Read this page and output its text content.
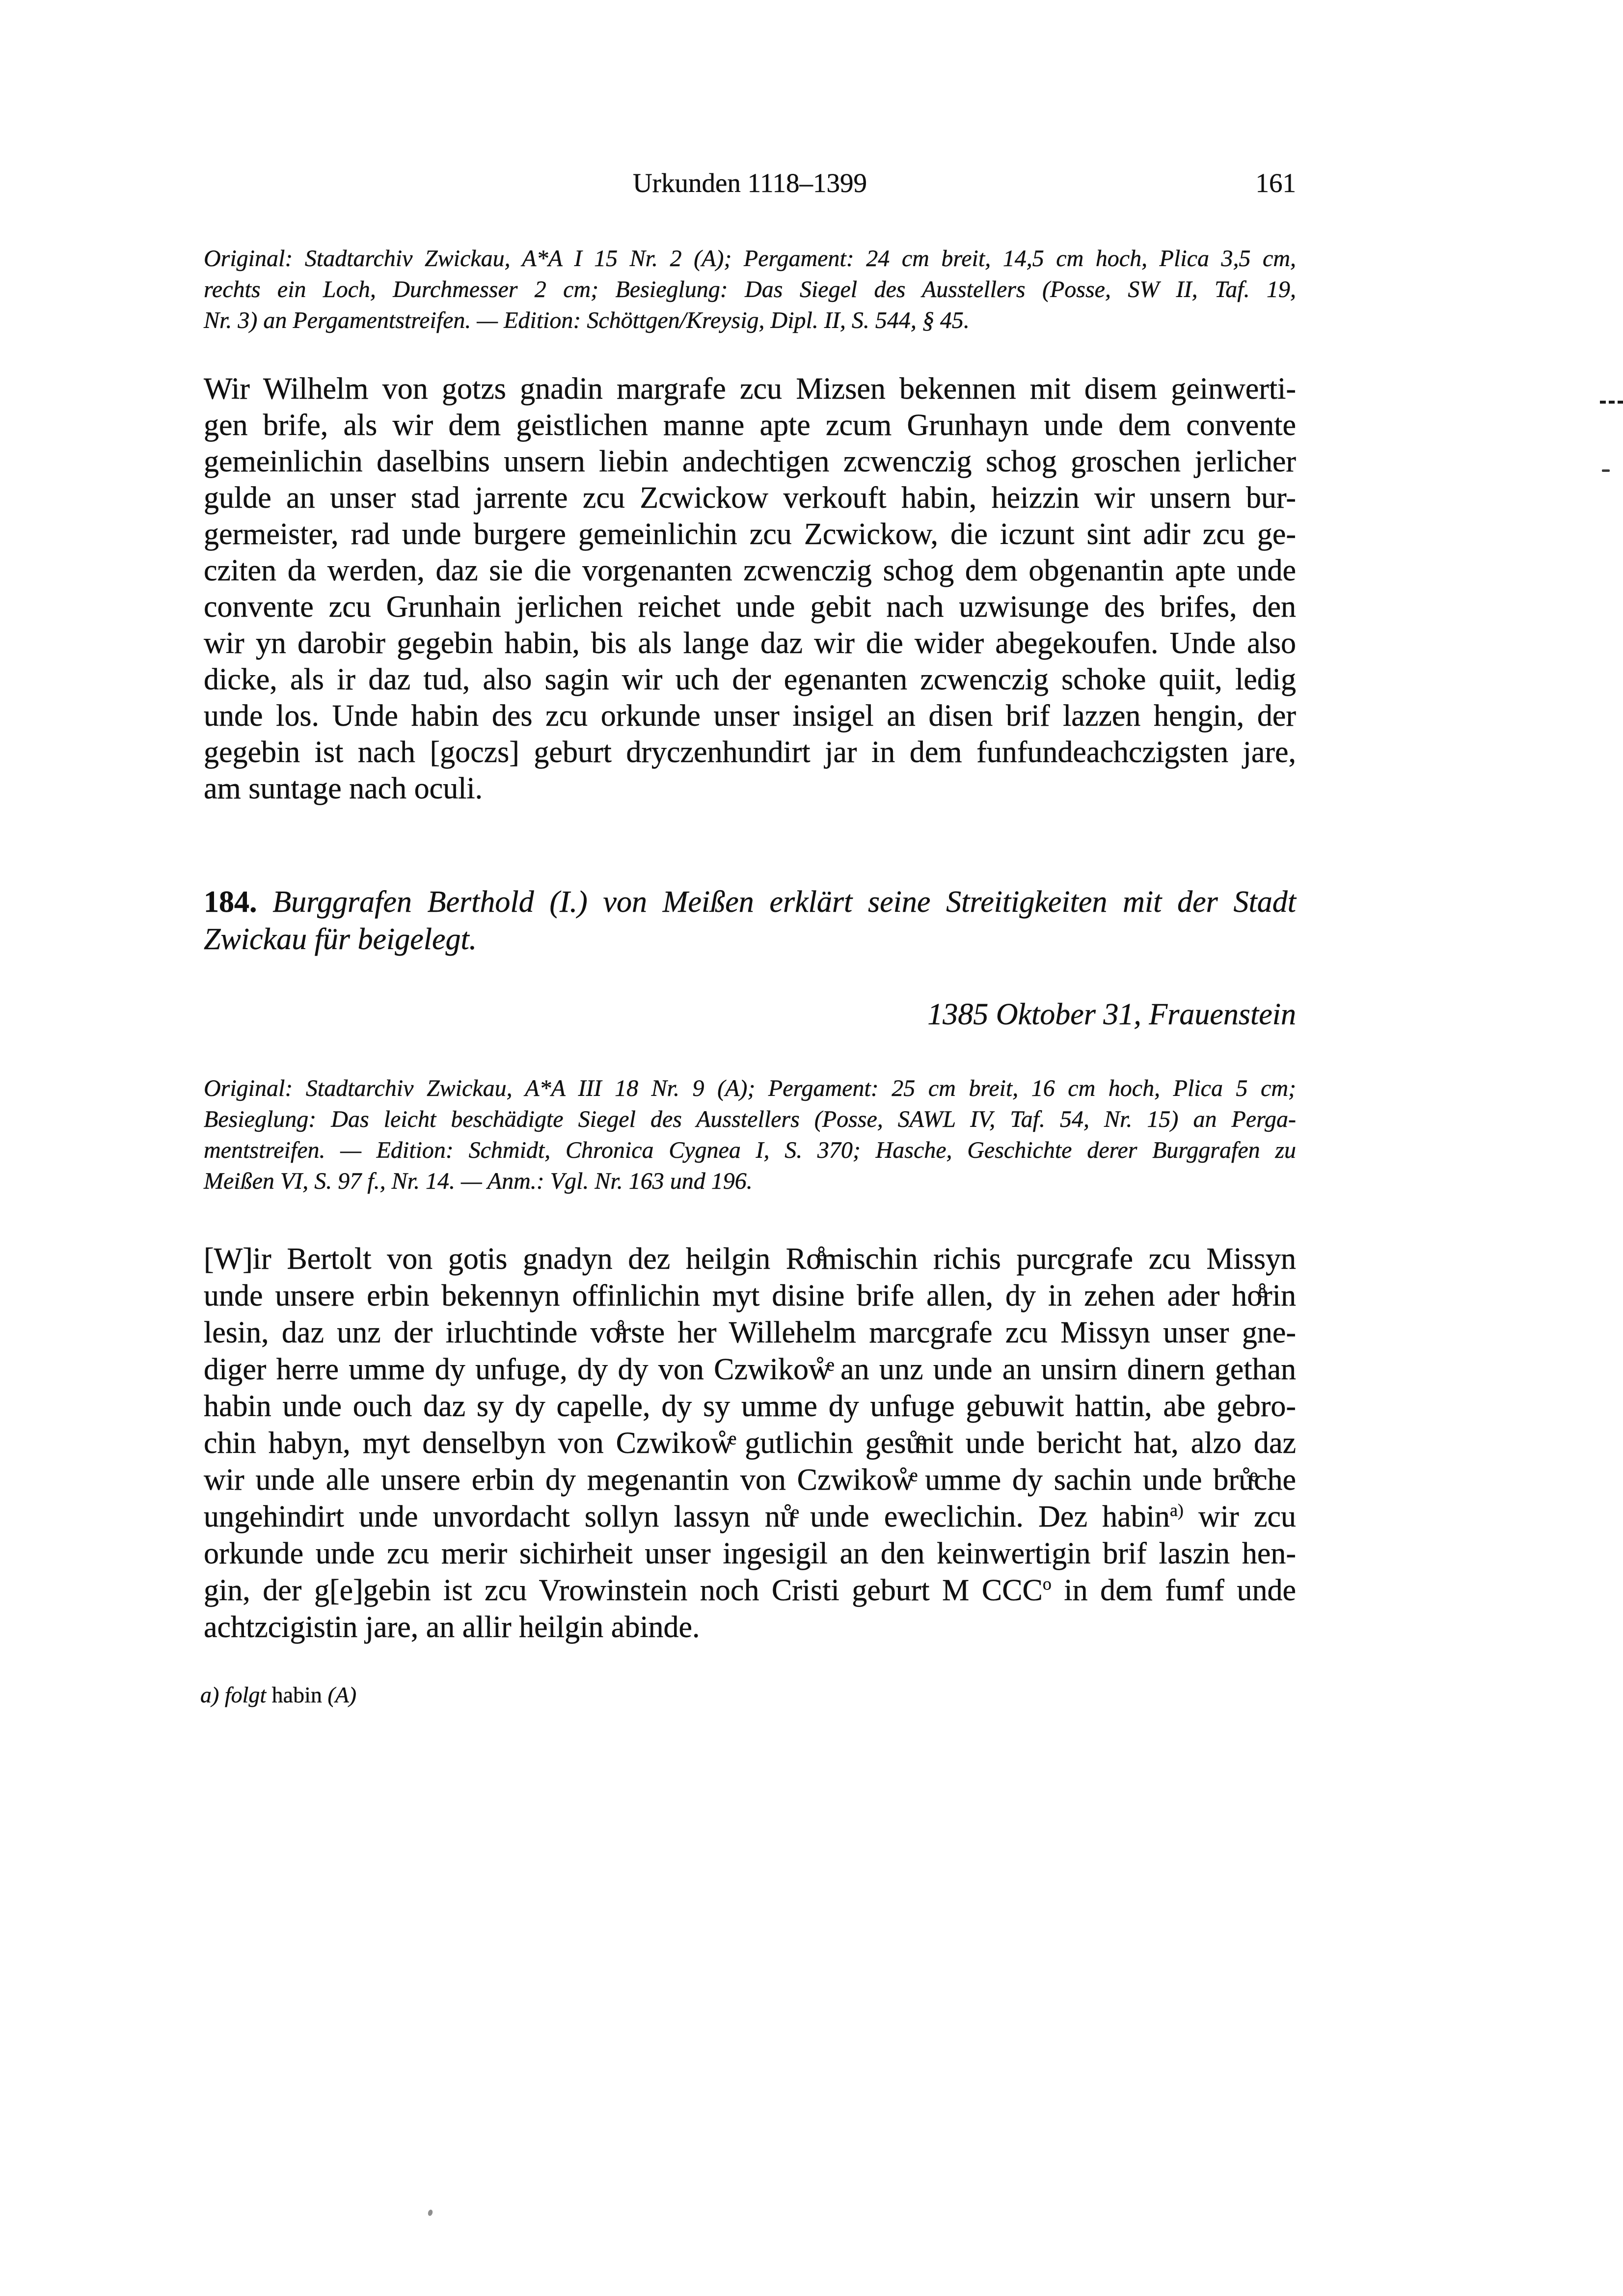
Urkunden 1118–1399	161
Original: Stadtarchiv Zwickau, A*A I 15 Nr. 2 (A); Pergament: 24 cm breit, 14,5 cm hoch, Plica 3,5 cm,
rechts ein Loch, Durchmesser 2 cm; Besieglung: Das Siegel des Ausstellers (Posse, SW II, Taf. 19,
Nr. 3) an Pergamentstreifen. — Edition: Schöttgen/Kreysig, Dipl. II, S. 544, § 45.
Wir Wilhelm von gotzs gnadin margrafe zcu Mizsen bekennen mit disem geinwerti-
gen brife, als wir dem geistlichen manne apte zcum Grunhayn unde dem convente
gemeinlichin daselbins unsern liebin andechtigen zcwenczig schog groschen jerlicher
gulde an unser stad jarrente zcu Zcwickow verkouft habin, heizzin wir unsern bur-
germeister, rad unde burgere gemeinlichin zcu Zcwickow, die iczunt sint adir zcu ge-
cziten da werden, daz sie die vorgenanten zcwenczig schog dem obgenantin apte unde
convente zcu Grunhain jerlichen reichet unde gebit nach uzwisunge des brifes, den
wir yn darobir gegebin habin, bis als lange daz wir die wider abegekoufen. Unde also
dicke, als ir daz tud, also sagin wir uch der egenanten zcwenczig schoke quiit, ledig
unde los. Unde habin des zcu orkunde unser insigel an disen brif lazzen hengin, der
gegebin ist nach [goczs] geburt dryczenhundirt jar in dem funfundeachczigsten jare,
am suntage nach oculi.
184. Burggrafen Berthold (I.) von Meißen erklärt seine Streitigkeiten mit der Stadt
Zwickau für beigelegt.
1385 Oktober 31, Frauenstein
Original: Stadtarchiv Zwickau, A*A III 18 Nr. 9 (A); Pergament: 25 cm breit, 16 cm hoch, Plica 5 cm;
Besieglung: Das leicht beschädigte Siegel des Ausstellers (Posse, SAWL IV, Taf. 54, Nr. 15) an Perga-
mentstreifen. — Edition: Schmidt, Chronica Cygnea I, S. 370; Hasche, Geschichte derer Burggrafen zu
Meißen VI, S. 97 f., Nr. 14. — Anm.: Vgl. Nr. 163 und 196.
[W]ir Bertolt von gotis gnadyn dez heilgin Ro̊ͤmischin richis purcgrafe zcu Missyn
unde unsere erbin bekennyn offinlichin myt disine brife allen, dy in zehen ader ho̊ͤrin
lesin, daz unz der irluchtinde vo̊ͤrste her Willehelm marcgrafe zcu Missyn unser gne-
diger herre umme dy unfuge, dy dy von Czwikoẘͤ an unz unde an unsirn dinern gethan
habin unde ouch daz sy dy capelle, dy sy umme dy unfuge gebuwit hattin, abe gebro-
chin habyn, myt denselbyn von Czwikoẘͤ gutlichin gesůͤnit unde bericht hat, alzo daz
wir unde alle unsere erbin dy megenantin von Czwikoẘͤ umme dy sachin unde brůͤche
ungehindirt unde unvordacht sollyn lassyn nůͤ unde eweclichin. Dez habin$^{a)}$ wir zcu
orkunde unde zcu merir sichirheit unser ingesigil an den keinwertigin brif laszin hen-
gin, der g[e]gebin ist zcu Vrowinstein noch Cristi geburt M CCC$^o$ in dem fumf unde
achtzcigistin jare, an allir heilgin abinde.
a) folgt habin (A)
